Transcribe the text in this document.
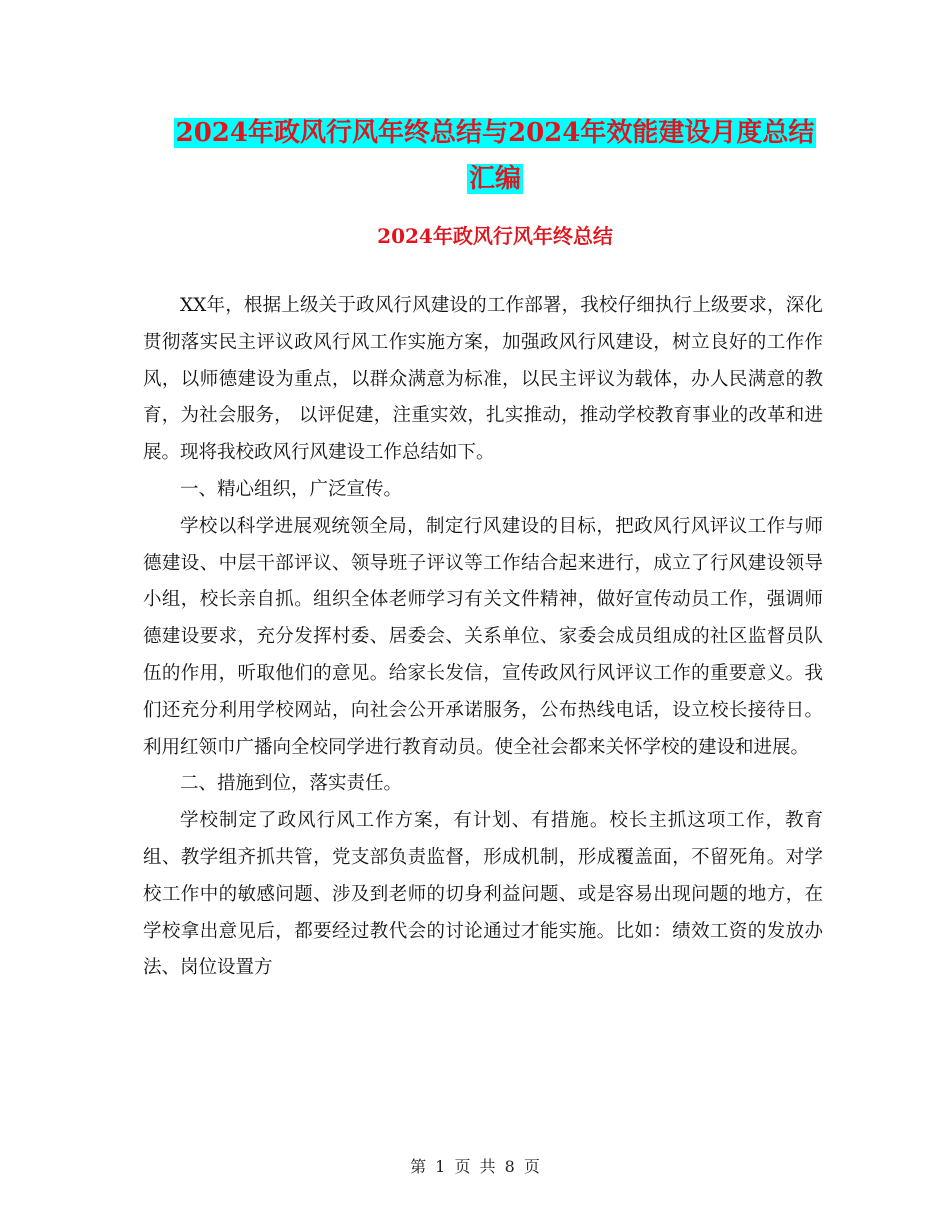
2024年政风行风年终总结与2024年效能建设月度总结
汇编
2024年政风行风年终总结

XX年，根据上级关于政风行风建设的工作部署，我校仔细执行上级要求，深化贯彻落实民主评议政风行风工作实施方案，加强政风行风建设，树立良好的工作作风，以师德建设为重点，以群众满意为标准，以民主评议为载体，办人民满意的教育，为社会服务， 以评促建，注重实效，扎实推动，推动学校教育事业的改革和进展。现将我校政风行风建设工作总结如下。

一、精心组织，广泛宣传。

学校以科学进展观统领全局，制定行风建设的目标，把政风行风评议工作与师德建设、中层干部评议、领导班子评议等工作结合起来进行，成立了行风建设领导小组，校长亲自抓。组织全体老师学习有关文件精神，做好宣传动员工作，强调师德建设要求，充分发挥村委、居委会、关系单位、家委会成员组成的社区监督员队伍的作用，听取他们的意见。给家长发信，宣传政风行风评议工作的重要意义。我们还充分利用学校网站，向社会公开承诺服务，公布热线电话，设立校长接待日。利用红领巾广播向全校同学进行教育动员。使全社会都来关怀学校的建设和进展。

二、措施到位，落实责任。

学校制定了政风行风工作方案，有计划、有措施。校长主抓这项工作，教育组、教学组齐抓共管，党支部负责监督，形成机制，形成覆盖面，不留死角。对学校工作中的敏感问题、涉及到老师的切身利益问题、或是容易出现问题的地方，在学校拿出意见后，都要经过教代会的讨论通过才能实施。比如：绩效工资的发放办法、岗位设置方

第 1 页 共 8 页
